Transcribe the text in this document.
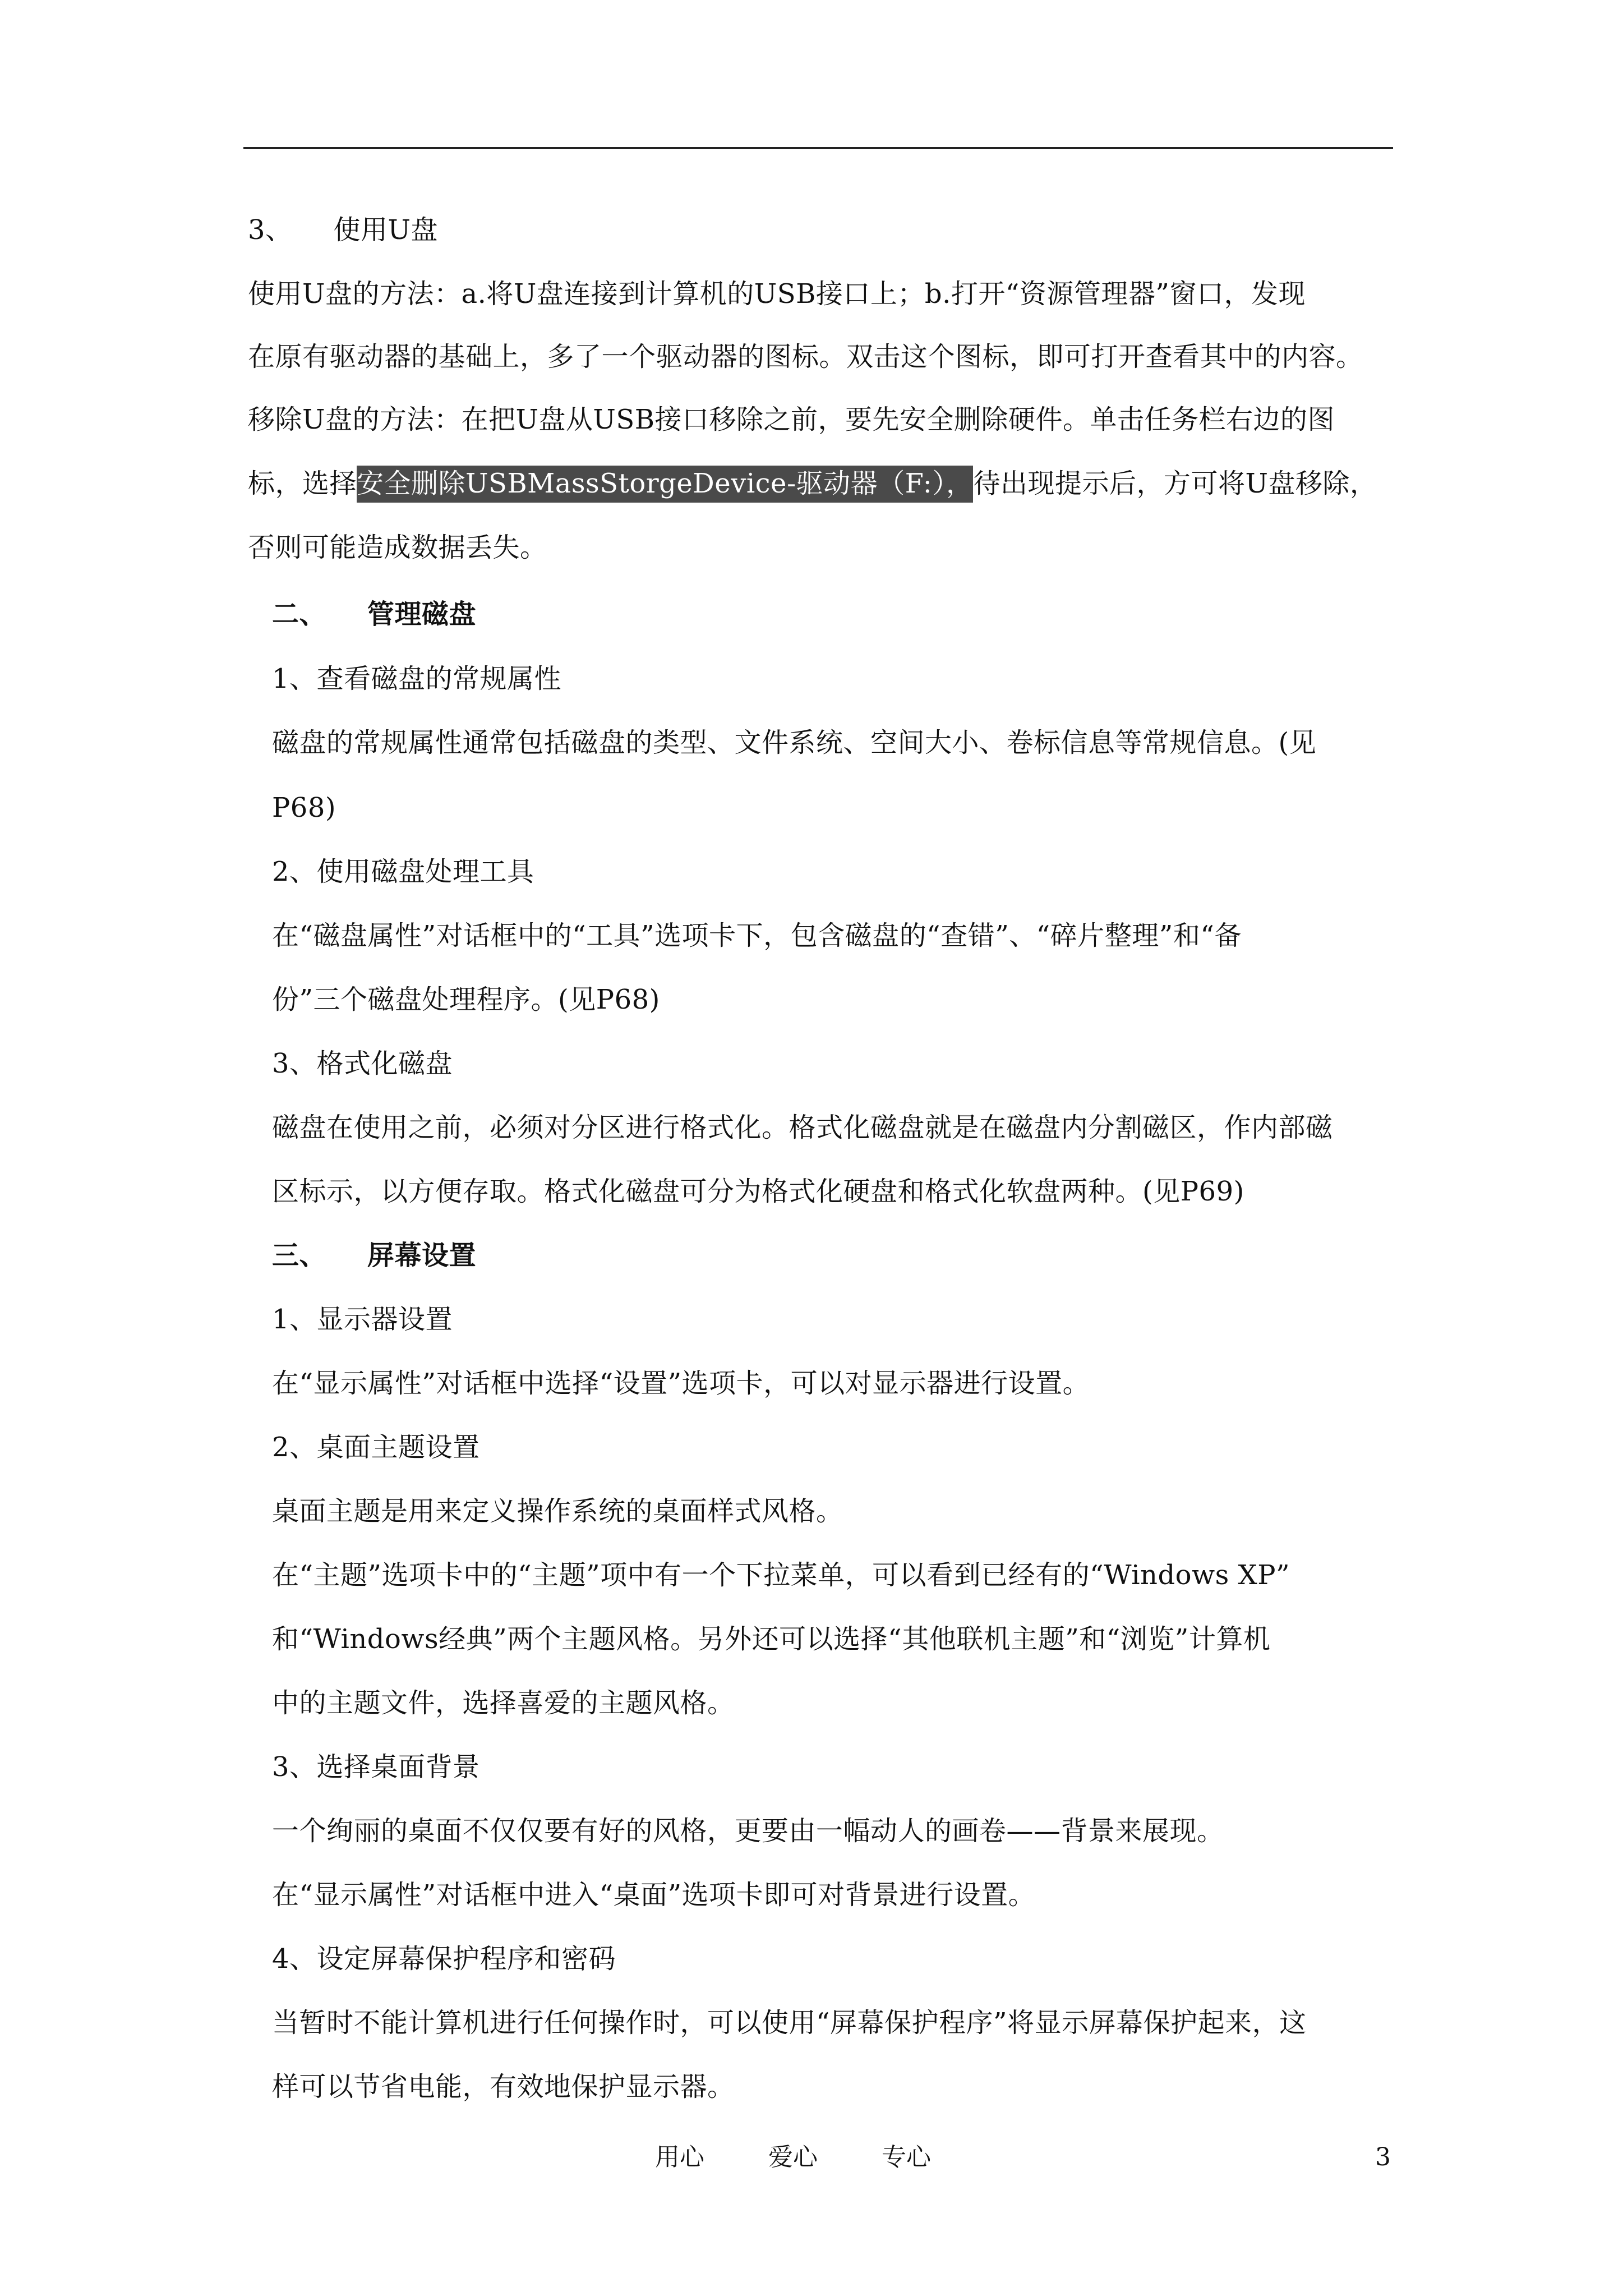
3、　　使用U盘
使用U盘的方法：a.将U盘连接到计算机的USB接口上；b.打开“资源管理器”窗口，发现
在原有驱动器的基础上，多了一个驱动器的图标。双击这个图标，即可打开查看其中的内容。
移除U盘的方法：在把U盘从USB接口移除之前，要先安全删除硬件。单击任务栏右边的图
标，选择安全删除USBMassStorgeDevice-驱动器（F:），待出现提示后，方可将U盘移除，
否则可能造成数据丢失。
二、　　管理磁盘
1、查看磁盘的常规属性
磁盘的常规属性通常包括磁盘的类型、文件系统、空间大小、卷标信息等常规信息。(见
P68)
2、使用磁盘处理工具
在“磁盘属性”对话框中的“工具”选项卡下，包含磁盘的“查错”、“碎片整理”和“备
份”三个磁盘处理程序。(见P68)
3、格式化磁盘
磁盘在使用之前，必须对分区进行格式化。格式化磁盘就是在磁盘内分割磁区，作内部磁
区标示，以方便存取。格式化磁盘可分为格式化硬盘和格式化软盘两种。(见P69)
三、　　屏幕设置
1、显示器设置
在“显示属性”对话框中选择“设置”选项卡，可以对显示器进行设置。
2、桌面主题设置
桌面主题是用来定义操作系统的桌面样式风格。
在“主题”选项卡中的“主题”项中有一个下拉菜单，可以看到已经有的“Windows XP”
和“Windows经典”两个主题风格。另外还可以选择“其他联机主题”和“浏览”计算机
中的主题文件，选择喜爱的主题风格。
3、选择桌面背景
一个绚丽的桌面不仅仅要有好的风格，更要由一幅动人的画卷——背景来展现。
在“显示属性”对话框中进入“桌面”选项卡即可对背景进行设置。
4、设定屏幕保护程序和密码
当暂时不能计算机进行任何操作时，可以使用“屏幕保护程序”将显示屏幕保护起来，这
样可以节省电能，有效地保护显示器。
用心	爱心	专心	3
